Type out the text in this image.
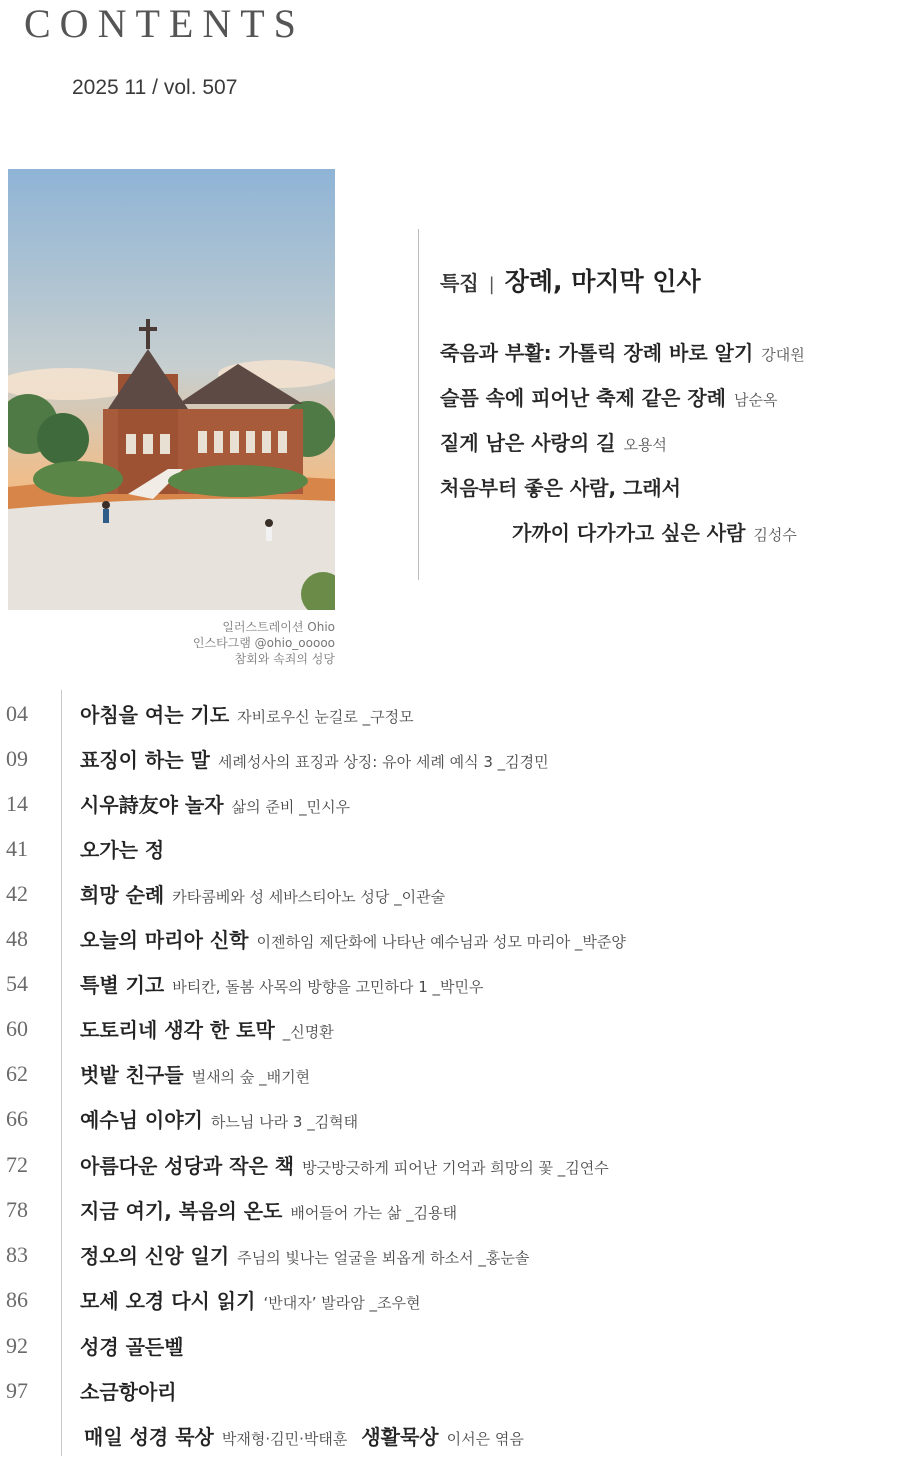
CONTENTS
2025 11 / vol. 507
일러스트레이션 Ohio
인스타그램 @ohio_ooooo
참회와 속죄의 성당
특집 | 장례, 마지막 인사
죽음과 부활: 가톨릭 장례 바로 알기 강대원
슬픔 속에 피어난 축제 같은 장례 남순옥
짙게 남은 사랑의 길 오용석
처음부터 좋은 사람, 그래서
가까이 다가가고 싶은 사람 김성수
04	아침을 여는 기도 자비로우신 눈길로 _구정모
09	표징이 하는 말 세례성사의 표징과 상징: 유아 세례 예식 3 _김경민
14	시우詩友야 놀자 삶의 준비 _민시우
41	오가는 정
42	희망 순례 카타콤베와 성 세바스티아노 성당 _이관술
48	오늘의 마리아 신학 이젠하임 제단화에 나타난 예수님과 성모 마리아 _박준양
54	특별 기고 바티칸, 돌봄 사목의 방향을 고민하다 1 _박민우
60	도토리네 생각 한 토막 _신명환
62	벗밭 친구들 벌새의 숲 _배기현
66	예수님 이야기 하느님 나라 3 _김혁태
72	아름다운 성당과 작은 책 방긋방긋하게 피어난 기억과 희망의 꽃 _김연수
78	지금 여기, 복음의 온도 배어들어 가는 삶 _김용태
83	정오의 신앙 일기 주님의 빛나는 얼굴을 뵈옵게 하소서 _홍눈솔
86	모세 오경 다시 읽기 ‘반대자’ 발라암 _조우현
92	성경 골든벨
97	소금항아리
매일 성경 묵상 박재형·김민·박태훈 생활묵상 이서은 엮음
